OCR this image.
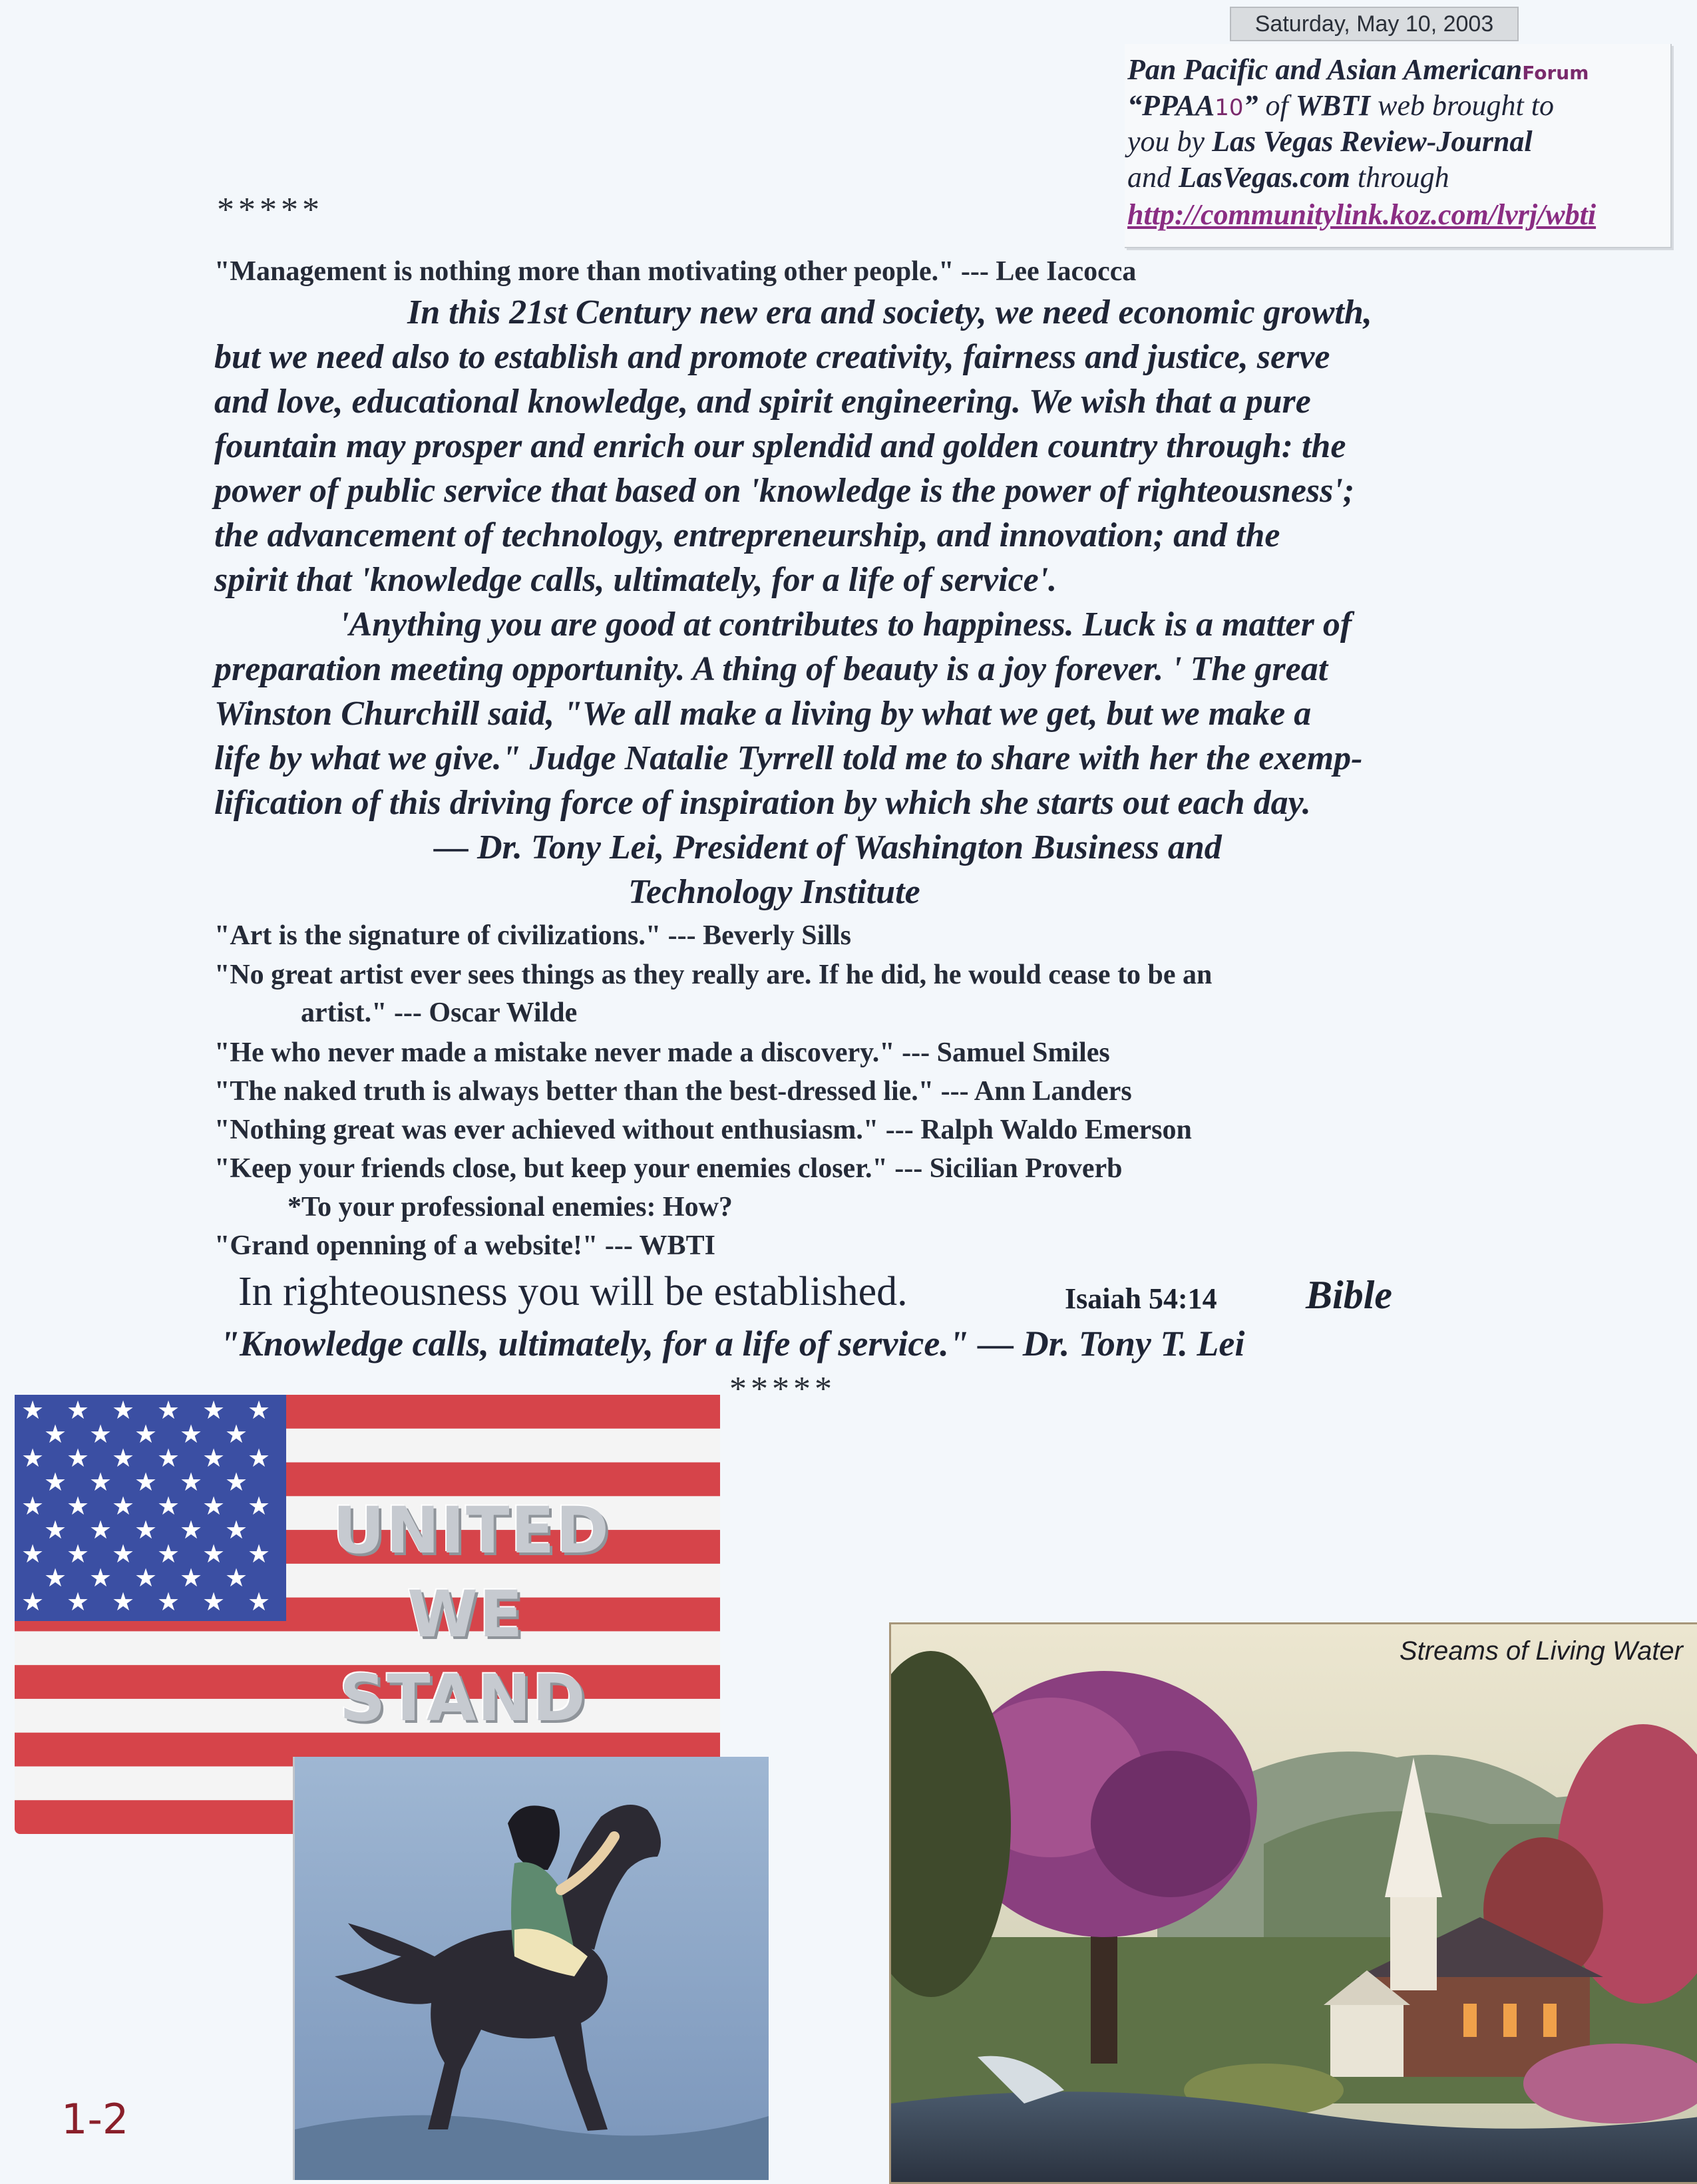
Saturday, May 10, 2003
Pan Pacific and Asian AmericanForum
“PPAA10” of WBTI web brought to
you by Las Vegas Review-Journal
and LasVegas.com through
http://communitylink.koz.com/lvrj/wbti
*****
"Management is nothing more than motivating other people." --- Lee Iacocca
In this 21st Century new era and society, we need economic growth,
but we need also to establish and promote creativity, fairness and justice, serve
and love, educational knowledge, and spirit engineering. We wish that a pure
fountain may prosper and enrich our splendid and golden country through: the
power of public service that based on 'knowledge is the power of righteousness';
the advancement of technology, entrepreneurship, and innovation; and the
spirit that 'knowledge calls, ultimately, for a life of service'.
'Anything you are good at contributes to happiness. Luck is a matter of
preparation meeting opportunity. A thing of beauty is a joy forever. ' The great
Winston Churchill said, "We all make a living by what we get, but we make a
life by what we give." Judge Natalie Tyrrell told me to share with her the exemp-
lification of this driving force of inspiration by which she starts out each day.
— Dr. Tony Lei, President of Washington Business and
Technology Institute
"Art is the signature of civilizations." --- Beverly Sills
"No great artist ever sees things as they really are. If he did, he would cease to be an
artist." --- Oscar Wilde
"He who never made a mistake never made a discovery." --- Samuel Smiles
"The naked truth is always better than the best-dressed lie." --- Ann Landers
"Nothing great was ever achieved without enthusiasm." --- Ralph Waldo Emerson
"Keep your friends close, but keep your enemies closer." --- Sicilian Proverb
*To your professional enemies: How?
"Grand openning of a website!" --- WBTI
In righteousness you will be established.	Isaiah 54:14 Bible
"Knowledge calls, ultimately, for a life of service." — Dr. Tony T. Lei
*****
★ ★ ★ ★ ★ ★
★ ★ ★ ★ ★
★ ★ ★ ★ ★ ★
★ ★ ★ ★ ★
★ ★ ★ ★ ★ ★
★ ★ ★ ★ ★
★ ★ ★ ★ ★ ★
★ ★ ★ ★ ★
★ ★ ★ ★ ★ ★
UNITED
WE
STAND
Streams of Living Water
1-2
